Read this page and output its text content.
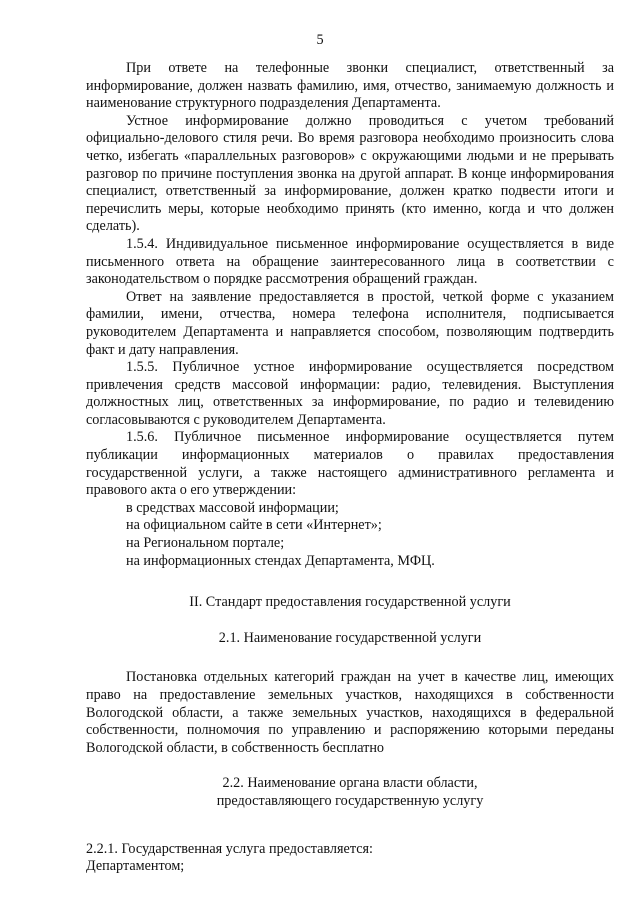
5

При ответе на телефонные звонки специалист, ответственный за информирование, должен назвать фамилию, имя, отчество, занимаемую должность и наименование структурного подразделения Департамента.

Устное информирование должно проводиться с учетом требований официально-делового стиля речи. Во время разговора необходимо произносить слова четко, избегать «параллельных разговоров» с окружающими людьми и не прерывать разговор по причине поступления звонка на другой аппарат. В конце информирования специалист, ответственный за информирование, должен кратко подвести итоги и перечислить меры, которые необходимо принять (кто именно, когда и что должен сделать).

1.5.4. Индивидуальное письменное информирование осуществляется в виде письменного ответа на обращение заинтересованного лица в соответствии с законодательством о порядке рассмотрения обращений граждан.

Ответ на заявление предоставляется в простой, четкой форме с указанием фамилии, имени, отчества, номера телефона исполнителя, подписывается руководителем Департамента и направляется способом, позволяющим подтвердить факт и дату направления.

1.5.5. Публичное устное информирование осуществляется посредством привлечения средств массовой информации: радио, телевидения. Выступления должностных лиц, ответственных за информирование, по радио и телевидению согласовываются с руководителем Департамента.

1.5.6. Публичное письменное информирование осуществляется путем публикации информационных материалов о правилах предоставления государственной услуги, а также настоящего административного регламента и правового акта о его утверждении:

в средствах массовой информации;

на официальном сайте в сети «Интернет»;

на Региональном портале;

на информационных стендах Департамента, МФЦ.

II. Стандарт предоставления государственной услуги

2.1. Наименование государственной услуги

Постановка отдельных категорий граждан на учет в качестве лиц, имеющих право на предоставление земельных участков, находящихся в собственности Вологодской области, а также земельных участков, находящихся в федеральной собственности, полномочия по управлению и распоряжению которыми переданы Вологодской области, в собственность бесплатно

2.2. Наименование органа власти области,

предоставляющего государственную услугу

2.2.1. Государственная услуга предоставляется:

Департаментом;
